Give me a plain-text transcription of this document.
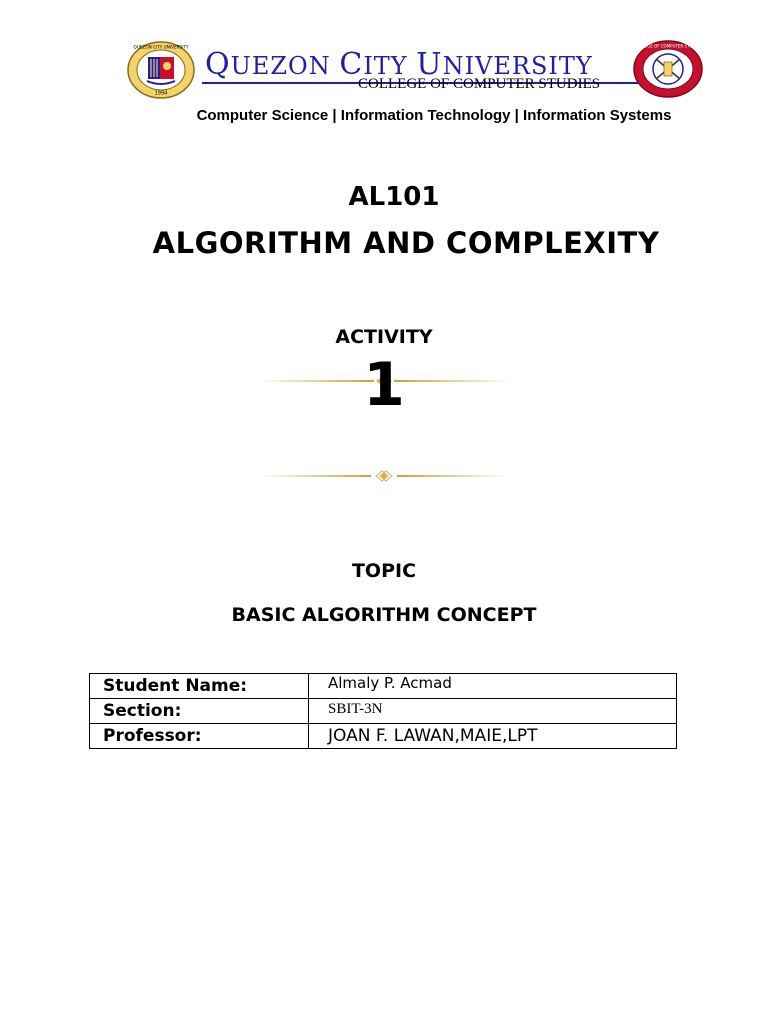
1994
QUEZON CITY UNIVERSITY QUEZON CITY UNIVERSITY
COLLEGE OF COMPUTER STUDIES
COLLEGE OF COMPUTER STUDIES
Computer Science | Information Technology | Information Systems
AL101
ALGORITHM AND COMPLEXITY
ACTIVITY
1
TOPIC
BASIC ALGORITHM CONCEPT
Student Name:	Almaly P. Acmad
Section:	SBIT-3N
Professor:	JOAN F. LAWAN,MAIE,LPT
